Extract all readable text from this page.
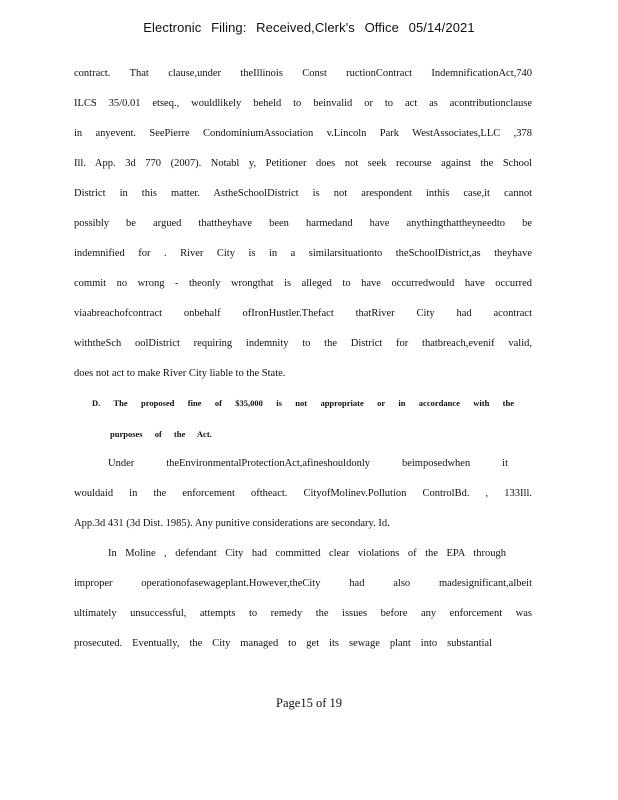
Electronic Filing: Received,Clerk's Office 05/14/2021
contract. That clause,under theIllinois Const ructionContract IndemnificationAct,740
ILCS 35/0.01 etseq., wouldlikely beheld to beinvalid or to act as acontributionclause
in anyevent. SeePierre CondominiumAssociation v.Lincoln Park WestAssociates,LLC ,378
Ill. App. 3d 770 (2007). Notabl y, Petitioner does not seek recourse against the School
District in this matter. AstheSchoolDistrict is not arespondent inthis case,it cannot
possibly be argued thattheyhave been harmedand have anythingthattheyneedto be
indemnified for . River City is in a similarsituationto theSchoolDistrict,as theyhave
commit no wrong - theonly wrongthat is alleged to have occurredwould have occurred
viaabreachofcontract onbehalf ofIronHustler.Thefact thatRiver City had acontract
withtheSch oolDistrict requiring indemnity to the District for thatbreach,evenif valid,
does not act to make River City liable to the State.
D. The proposed fine of $35,000 is not appropriate or in accordance with the
purposes of the Act.
Under theEnvironmentalProtectionAct,afineshouldonly beimposedwhen it
wouldaid in the enforcement oftheact. CityofMolinev.Pollution ControlBd. , 133Ill.
App.3d 431 (3d Dist. 1985). Any punitive considerations are secondary. Id.
In Moline , defendant City had committed clear violations of the EPA through
improper operationofasewageplant.However,theCity had also madesignificant,albeit
ultimately unsuccessful, attempts to remedy the issues before any enforcement was
prosecuted. Eventually, the City managed to get its sewage plant into substantial
Page15 of 19
